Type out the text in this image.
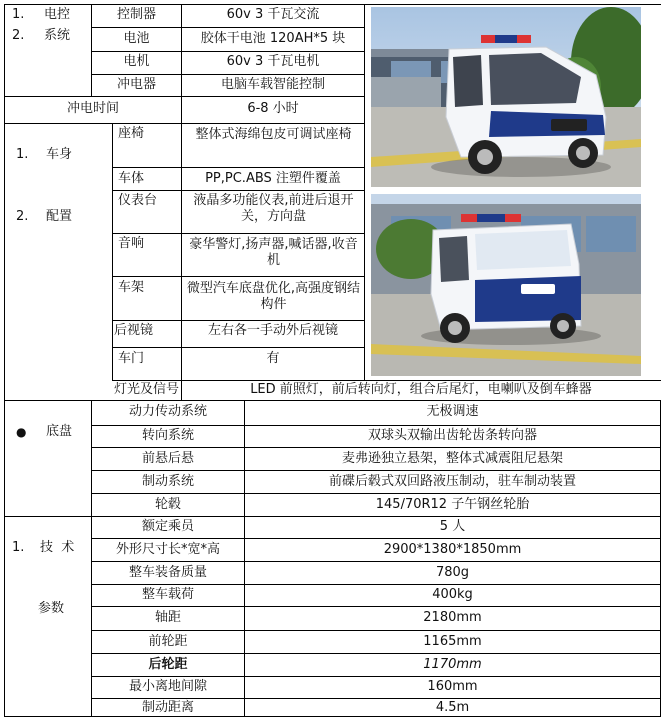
1. 电控
2. 系统
控制器	60v 3 千瓦交流
电池	胶体干电池 120AH*5 块
电机	60v 3 千瓦电机
冲电器	电脑车载智能控制
冲电时间	6-8 小时
1. 车身
2. 配置
座椅	整体式海绵包皮可调试座椅
车体	PP,PC.ABS 注塑件覆盖
仪表台	液晶多功能仪表,前进后退开关，方向盘
音响	豪华警灯,扬声器,喊话器,收音机
车架	微型汽车底盘优化,高强度钢结构件
后视镜	左右各一手动外后视镜
车门	有
灯光及信号	LED 前照灯，前后转向灯，组合后尾灯，电喇叭及倒车蜂器
● 底盘
动力传动系统	无极调速
转向系统	双球头双输出齿轮齿条转向器
前悬后悬	麦弗逊独立悬架，整体式减震阻尼悬架
制动系统	前碟后毂式双回路液压制动，驻车制动装置
轮毂	145/70R12 子午钢丝轮胎
1. 技  术
参数
额定乘员	5 人
外形尺寸长*宽*高	2900*1380*1850mm
整车装备质量	780g
整车载荷	400kg
轴距	2180mm
前轮距	1165mm
后轮距	1170mm
最小离地间隙	160mm
制动距离	4.5m
